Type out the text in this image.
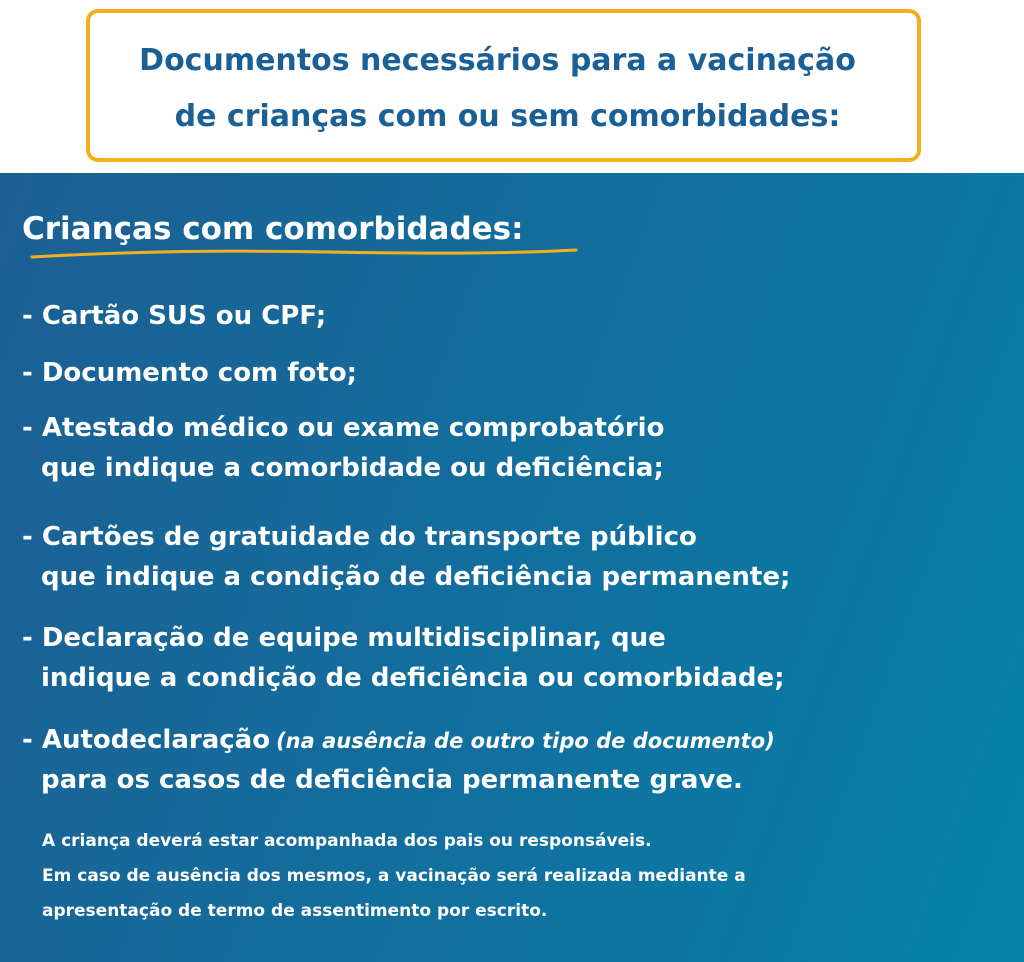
Documentos necessários para a vacinação
de crianças com ou sem comorbidades:
Crianças com comorbidades:
- Cartão SUS ou CPF;
- Documento com foto;
- Atestado médico ou exame comprobatório
que indique a comorbidade ou deficiência;
- Cartões de gratuidade do transporte público
que indique a condição de deficiência permanente;
- Declaração de equipe multidisciplinar, que
indique a condição de deficiência ou comorbidade;
- Autodeclaração (na ausência de outro tipo de documento)
para os casos de deficiência permanente grave.
A criança deverá estar acompanhada dos pais ou responsáveis.
Em caso de ausência dos mesmos, a vacinação será realizada mediante a
apresentação de termo de assentimento por escrito.
